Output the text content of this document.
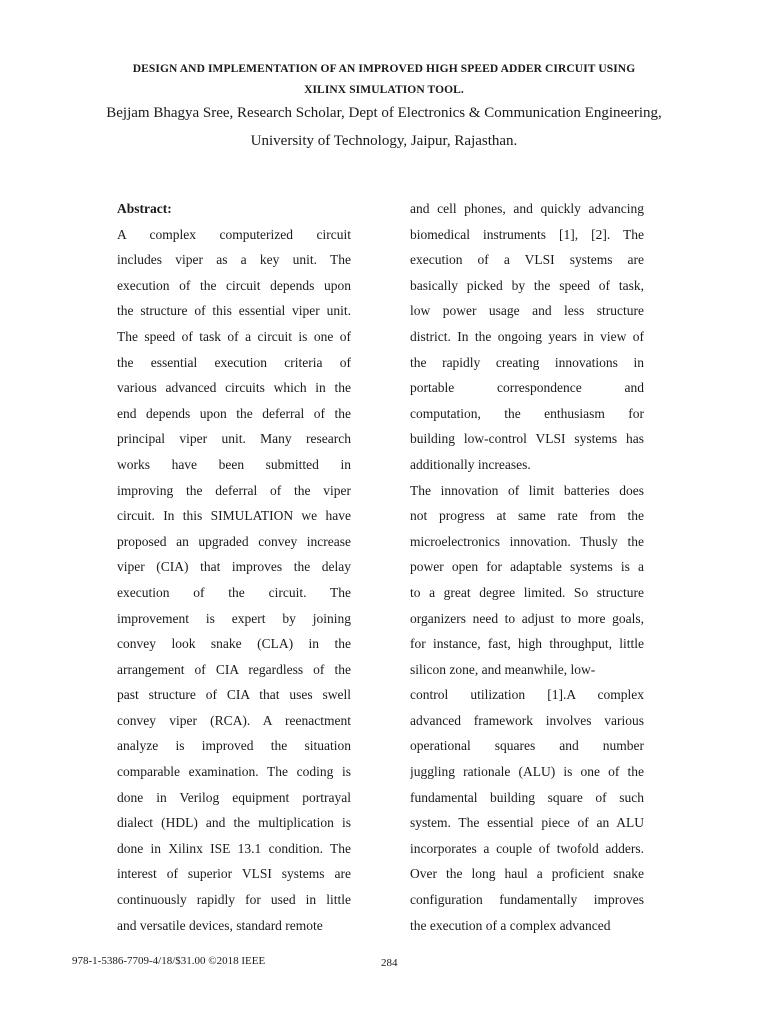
DESIGN AND IMPLEMENTATION OF AN IMPROVED HIGH SPEED ADDER CIRCUIT USING
XILINX SIMULATION TOOL.
Bejjam Bhagya Sree, Research Scholar, Dept of Electronics & Communication Engineering,
University of Technology, Jaipur, Rajasthan.
Abstract:
A complex computerized circuit
includes viper as a key unit. The
execution of the circuit depends upon
the structure of this essential viper unit.
The speed of task of a circuit is one of
the essential execution criteria of
various advanced circuits which in the
end depends upon the deferral of the
principal viper unit. Many research
works have been submitted in
improving the deferral of the viper
circuit. In this SIMULATION we have
proposed an upgraded convey increase
viper (CIA) that improves the delay
execution of the circuit. The
improvement is expert by joining
convey look snake (CLA) in the
arrangement of CIA regardless of the
past structure of CIA that uses swell
convey viper (RCA). A reenactment
analyze is improved the situation
comparable examination. The coding is
done in Verilog equipment portrayal
dialect (HDL) and the multiplication is
done in Xilinx ISE 13.1 condition. The
interest of superior VLSI systems are
continuously rapidly for used in little
and versatile devices, standard remote
and cell phones, and quickly advancing
biomedical instruments [1], [2]. The
execution of a VLSI systems are
basically picked by the speed of task,
low power usage and less structure
district. In the ongoing years in view of
the rapidly creating innovations in
portable correspondence and
computation, the enthusiasm for
building low-control VLSI systems has
additionally increases.
The innovation of limit batteries does
not progress at same rate from the
microelectronics innovation. Thusly the
power open for adaptable systems is a
to a great degree limited. So structure
organizers need to adjust to more goals,
for instance, fast, high throughput, little
silicon zone, and meanwhile, low-
control utilization [1].A complex
advanced framework involves various
operational squares and number
juggling rationale (ALU) is one of the
fundamental building square of such
system. The essential piece of an ALU
incorporates a couple of twofold adders.
Over the long haul a proficient snake
configuration fundamentally improves
the execution of a complex advanced
978-1-5386-7709-4/18/$31.00 ©2018 IEEE	284
